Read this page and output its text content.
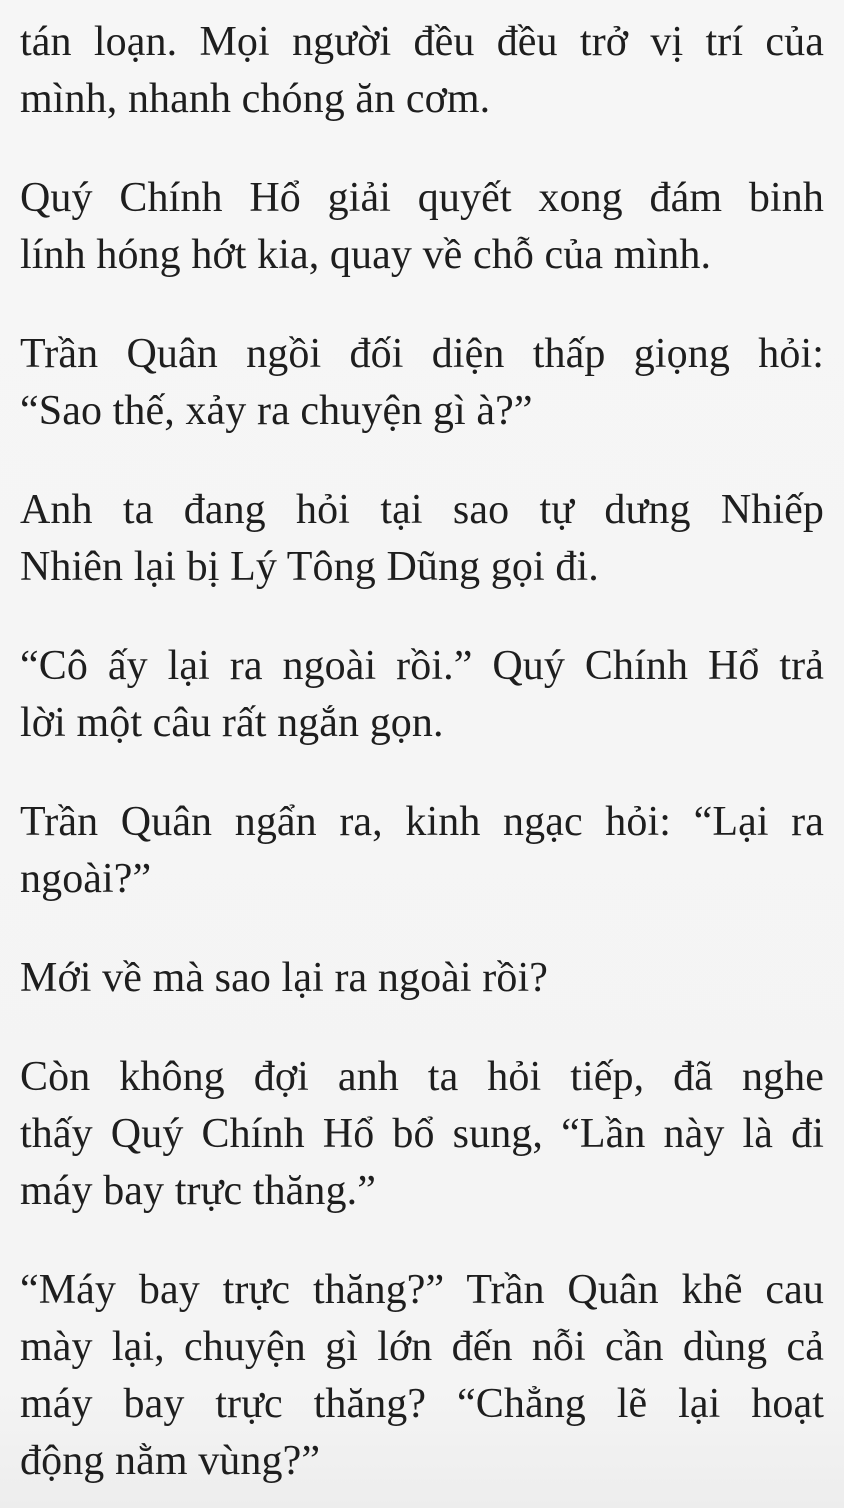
tán loạn. Mọi người đều đều trở vị trí của
mình, nhanh chóng ăn cơm.
Quý Chính Hổ giải quyết xong đám binh
lính hóng hớt kia, quay về chỗ của mình.
Trần Quân ngồi đối diện thấp giọng hỏi:
“Sao thế, xảy ra chuyện gì à?”
Anh ta đang hỏi tại sao tự dưng Nhiếp
Nhiên lại bị Lý Tông Dũng gọi đi.
“Cô ấy lại ra ngoài rồi.” Quý Chính Hổ trả
lời một câu rất ngắn gọn.
Trần Quân ngẩn ra, kinh ngạc hỏi: “Lại ra
ngoài?”
Mới về mà sao lại ra ngoài rồi?
Còn không đợi anh ta hỏi tiếp, đã nghe
thấy Quý Chính Hổ bổ sung, “Lần này là đi
máy bay trực thăng.”
“Máy bay trực thăng?” Trần Quân khẽ cau
mày lại, chuyện gì lớn đến nỗi cần dùng cả
máy bay trực thăng? “Chẳng lẽ lại hoạt
động nằm vùng?”
